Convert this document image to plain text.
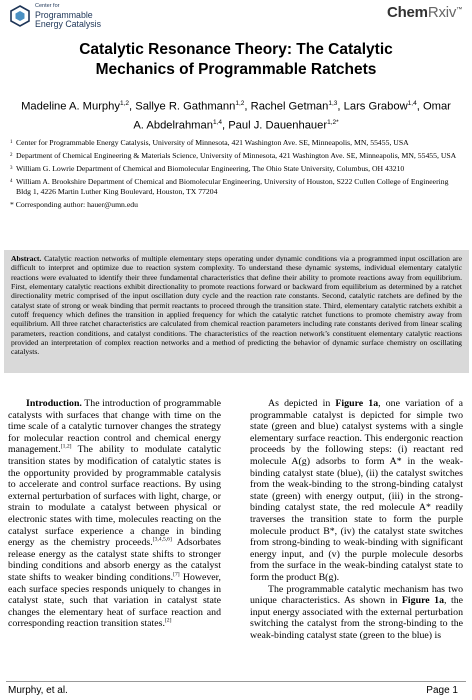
Center for
Programmable
Energy Catalysis
ChemRxiv™
Catalytic Resonance Theory: The Catalytic
Mechanics of Programmable Ratchets
Madeline A. Murphy$^{1,2}$, Sallye R. Gathmann$^{1,2}$, Rachel Getman$^{1,3}$, Lars Grabow$^{1,4}$, Omar A. Abdelrahman$^{1,4}$, Paul J. Dauenhauer$^{1,2*}$
$^1$ Center for Programmable Energy Catalysis, University of Minnesota, 421 Washington Ave. SE, Minneapolis, MN, 55455, USA
$^2$ Department of Chemical Engineering & Materials Science, University of Minnesota, 421 Washington Ave. SE, Minneapolis, MN, 55455, USA
$^3$ William G. Lowrie Department of Chemical and Biomolecular Engineering, The Ohio State University, Columbus, OH 43210
$^4$ William A. Brookshire Department of Chemical and Biomolecular Engineering, University of Houston, S222 Cullen College of Engineering Bldg 1, 4226 Martin Luther King Boulevard, Houston, TX 77204
* Corresponding author: hauer@umn.edu
Abstract. Catalytic reaction networks of multiple elementary steps operating under dynamic conditions via a programmed input oscillation are difficult to interpret and optimize due to reaction system complexity. To understand these dynamic systems, individual elementary catalytic reactions were evaluated to identify their three fundamental characteristics that define their ability to promote reactions away from equilibrium. First, elementary catalytic reactions exhibit directionality to promote reactions forward or backward from equilibrium as determined by a ratchet directionality metric comprised of the input oscillation duty cycle and the reaction rate constants. Second, catalytic ratchets are defined by the catalyst state of strong or weak binding that permit reactants to proceed through the transition state. Third, elementary catalytic ratchets exhibit a cutoff frequency which defines the transition in applied frequency for which the catalytic ratchet functions to promote chemistry away from equilibrium. All three ratchet characteristics are calculated from chemical reaction parameters including rate constants derived from linear scaling parameters, reaction conditions, and catalyst conditions. The characteristics of the reaction network’s constituent elementary catalytic reactions provided an interpretation of complex reaction networks and a method of predicting the behavior of dynamic surface chemistry on oscillating catalysts.

Introduction. The introduction of programmable catalysts with surfaces that change with time on the time scale of a catalytic turnover changes the strategy for molecular reaction control and chemical energy management.[1,2] The ability to modulate catalytic transition states by modification of catalytic states is the opportunity provided by programmable catalysis to accelerate and control surface reactions. By using external perturbation of surfaces with light, charge, or strain to modulate a catalyst between physical or electronic states with time, molecules reacting on the catalyst surface experience a change in binding energy as the chemistry proceeds.[3,4,5,6] Adsorbates release energy as the catalyst state shifts to stronger binding conditions and absorb energy as the catalyst state shifts to weaker binding conditions.[7] However, each surface species responds uniquely to changes in catalyst state, such that variation in catalyst state changes the elementary heat of surface reaction and corresponding reaction transition states.[2]

As depicted in Figure 1a, one variation of a programmable catalyst is depicted for simple two state (green and blue) catalyst systems with a single elementary surface reaction. This endergonic reaction proceeds by the following steps: (i) reactant red molecule A(g) adsorbs to form A* in the weak-binding catalyst state (blue), (ii) the catalyst switches from the weak-binding to the strong-binding catalyst state (green) with energy output, (iii) in the strong-binding catalyst state, the red molecule A* readily traverses the transition state to form the purple molecule product B*, (iv) the catalyst state switches from strong-binding to weak-binding with significant energy input, and (v) the purple molecule desorbs from the surface in the weak-binding catalyst state to form the product B(g).

The programmable catalytic mechanism has two unique characteristics. As shown in Figure 1a, the input energy associated with the external perturbation switching the catalyst from the strong-binding to the weak-binding catalyst state (green to the blue) is

Murphy, et al.	Page 1
